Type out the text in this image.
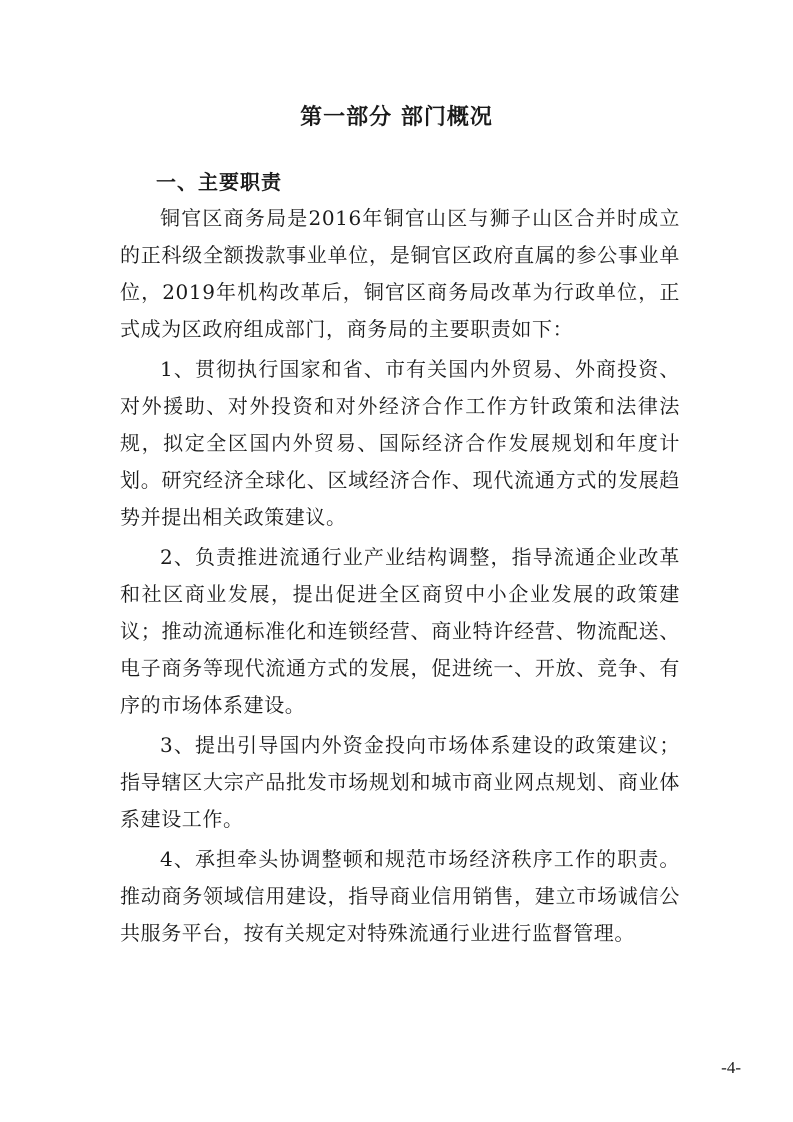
第一部分 部门概况
一、主要职责

铜官区商务局是2016年铜官山区与狮子山区合并时成立的正科级全额拨款事业单位，是铜官区政府直属的参公事业单位，2019年机构改革后，铜官区商务局改革为行政单位，正式成为区政府组成部门，商务局的主要职责如下：

1、贯彻执行国家和省、市有关国内外贸易、外商投资、对外援助、对外投资和对外经济合作工作方针政策和法律法规，拟定全区国内外贸易、国际经济合作发展规划和年度计划。研究经济全球化、区域经济合作、现代流通方式的发展趋势并提出相关政策建议。

2、负责推进流通行业产业结构调整，指导流通企业改革和社区商业发展，提出促进全区商贸中小企业发展的政策建议；推动流通标准化和连锁经营、商业特许经营、物流配送、电子商务等现代流通方式的发展，促进统一、开放、竞争、有序的市场体系建设。

3、提出引导国内外资金投向市场体系建设的政策建议；指导辖区大宗产品批发市场规划和城市商业网点规划、商业体系建设工作。

4、承担牵头协调整顿和规范市场经济秩序工作的职责。推动商务领域信用建设，指导商业信用销售，建立市场诚信公共服务平台，按有关规定对特殊流通行业进行监督管理。

-4-
